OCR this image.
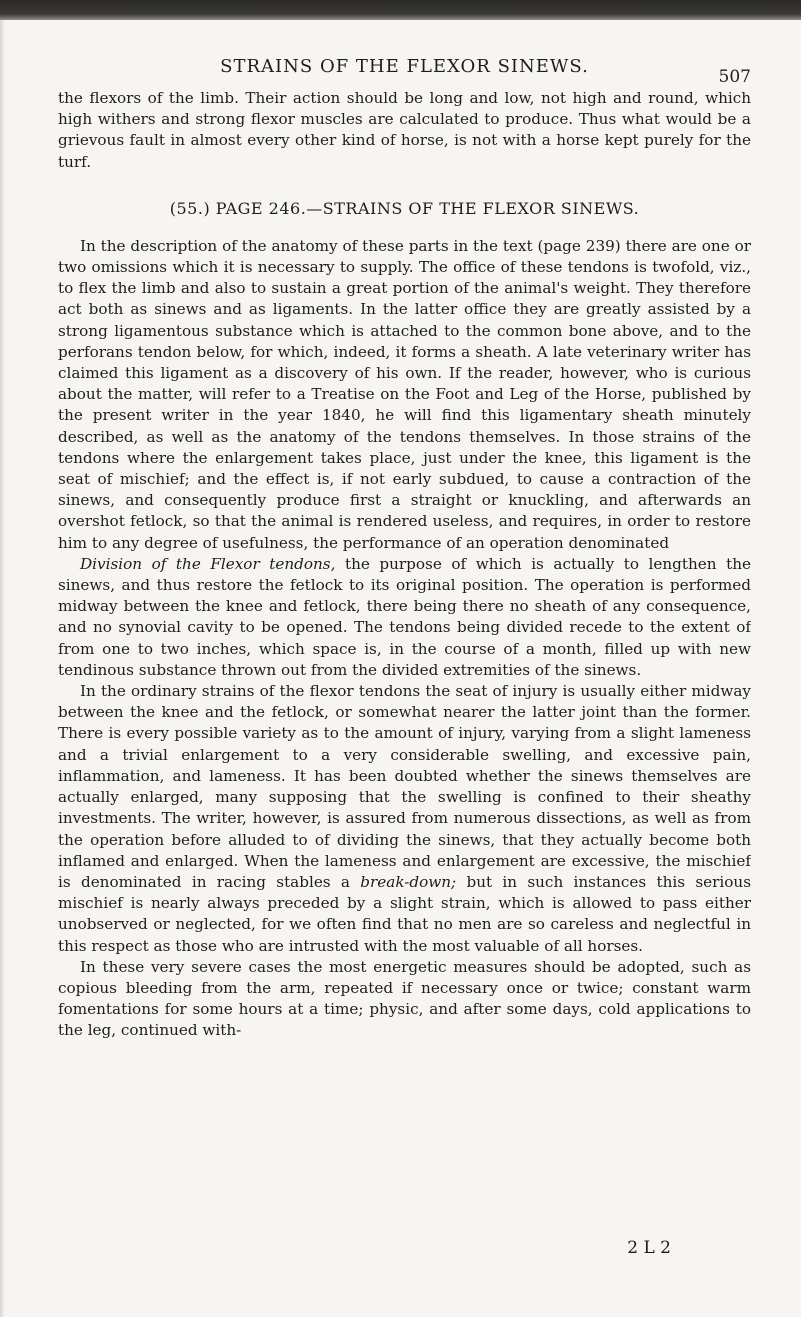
STRAINS OF THE FLEXOR SINEWS.	507

the flexors of the limb. Their action should be long and low, not high and round, which high withers and strong flexor muscles are calculated to produce. Thus what would be a grievous fault in almost every other kind of horse, is not with a horse kept purely for the turf.

(55.) PAGE 246.—STRAINS OF THE FLEXOR SINEWS.

In the description of the anatomy of these parts in the text (page 239) there are one or two omissions which it is necessary to supply. The office of these tendons is twofold, viz., to flex the limb and also to sustain a great portion of the animal's weight. They therefore act both as sinews and as ligaments. In the latter office they are greatly assisted by a strong ligamentous substance which is attached to the common bone above, and to the perforans tendon below, for which, indeed, it forms a sheath. A late veterinary writer has claimed this ligament as a discovery of his own. If the reader, however, who is curious about the matter, will refer to a Treatise on the Foot and Leg of the Horse, published by the present writer in the year 1840, he will find this ligamentary sheath minutely described, as well as the anatomy of the tendons themselves. In those strains of the tendons where the enlargement takes place, just under the knee, this ligament is the seat of mischief; and the effect is, if not early subdued, to cause a contraction of the sinews, and consequently produce first a straight or knuckling, and afterwards an overshot fetlock, so that the animal is rendered useless, and requires, in order to restore him to any degree of usefulness, the performance of an operation denominated

Division of the Flexor tendons, the purpose of which is actually to lengthen the sinews, and thus restore the fetlock to its original position. The operation is performed midway between the knee and fetlock, there being there no sheath of any consequence, and no synovial cavity to be opened. The tendons being divided recede to the extent of from one to two inches, which space is, in the course of a month, filled up with new tendinous substance thrown out from the divided extremities of the sinews.

In the ordinary strains of the flexor tendons the seat of injury is usually either midway between the knee and the fetlock, or somewhat nearer the latter joint than the former. There is every possible variety as to the amount of injury, varying from a slight lameness and a trivial enlargement to a very considerable swelling, and excessive pain, inflammation, and lameness. It has been doubted whether the sinews themselves are actually enlarged, many supposing that the swelling is confined to their sheathy investments. The writer, however, is assured from numerous dissections, as well as from the operation before alluded to of dividing the sinews, that they actually become both inflamed and enlarged. When the lameness and enlargement are excessive, the mischief is denominated in racing stables a break-down; but in such instances this serious mischief is nearly always preceded by a slight strain, which is allowed to pass either unobserved or neglected, for we often find that no men are so careless and neglectful in this respect as those who are intrusted with the most valuable of all horses.

In these very severe cases the most energetic measures should be adopted, such as copious bleeding from the arm, repeated if necessary once or twice; constant warm fomentations for some hours at a time; physic, and after some days, cold applications to the leg, continued with-

2 L 2
